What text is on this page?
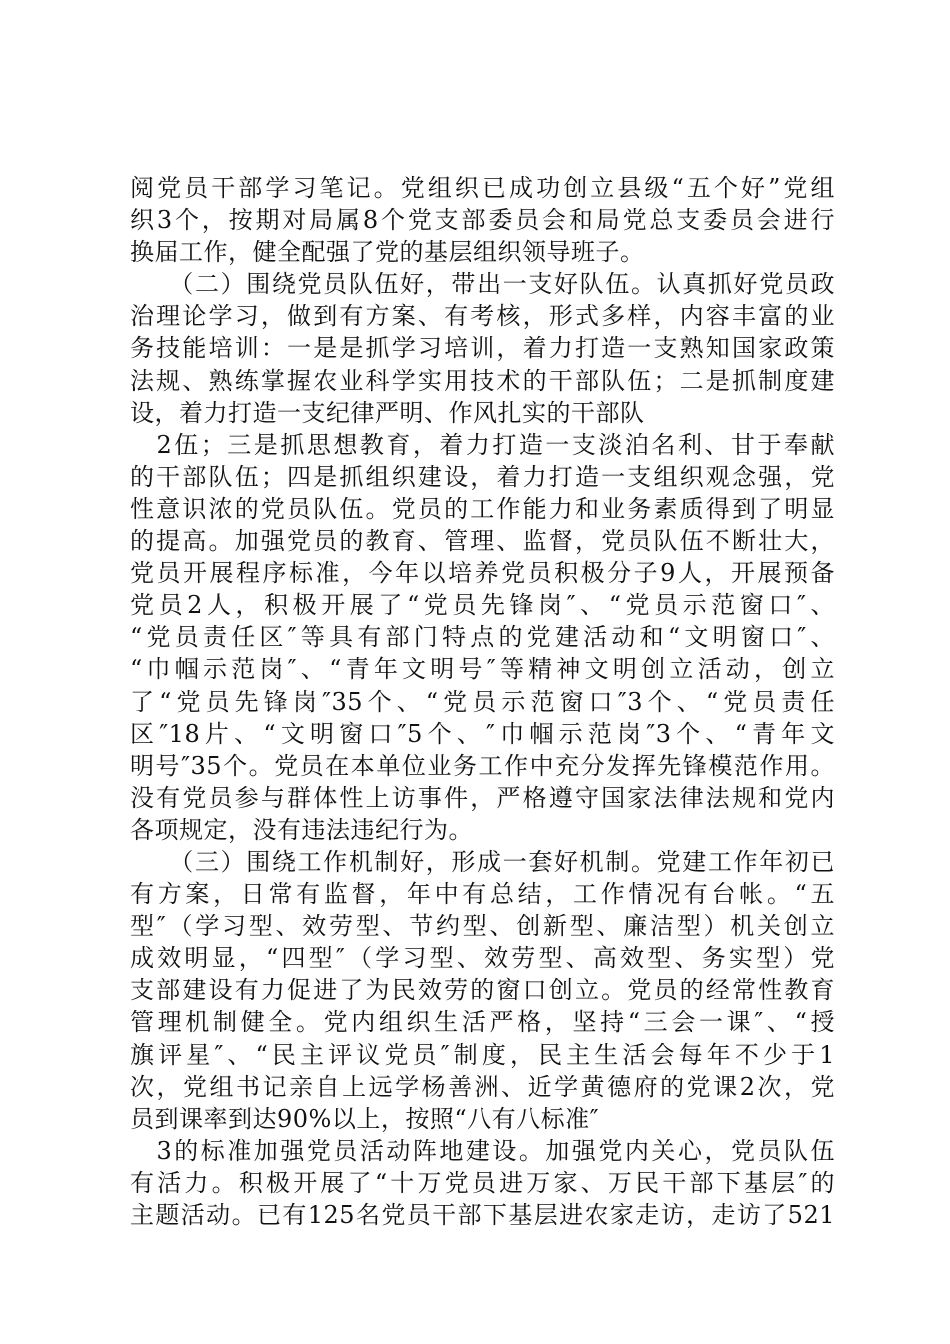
阅党员干部学习笔记。党组织已成功创立县级“五个好”党组
织3个，按期对局属8个党支部委员会和局党总支委员会进行
换届工作，健全配强了党的基层组织领导班子。
　　（二）围绕党员队伍好，带出一支好队伍。认真抓好党员政
治理论学习，做到有方案、有考核，形式多样，内容丰富的业
务技能培训：一是是抓学习培训，着力打造一支熟知国家政策
法规、熟练掌握农业科学实用技术的干部队伍；二是抓制度建
设，着力打造一支纪律严明、作风扎实的干部队
　2伍；三是抓思想教育，着力打造一支淡泊名利、甘于奉献
的干部队伍；四是抓组织建设，着力打造一支组织观念强，党
性意识浓的党员队伍。党员的工作能力和业务素质得到了明显
的提高。加强党员的教育、管理、监督，党员队伍不断壮大，
党员开展程序标准，今年以培养党员积极分子9人，开展预备
党员2人，积极开展了“党员先锋岗″、“党员示范窗口″、
“党员责任区″等具有部门特点的党建活动和“文明窗口″、
“巾帼示范岗″、“青年文明号″等精神文明创立活动，创立
了“党员先锋岗″35个、“党员示范窗口″3个、“党员责任
区″18片、“文明窗口″5个、″巾帼示范岗″3个、“青年文
明号″35个。党员在本单位业务工作中充分发挥先锋模范作用。
没有党员参与群体性上访事件，严格遵守国家法律法规和党内
各项规定，没有违法违纪行为。
　　（三）围绕工作机制好，形成一套好机制。党建工作年初已
有方案，日常有监督，年中有总结，工作情况有台帐。“五
型″（学习型、效劳型、节约型、创新型、廉洁型）机关创立
成效明显，“四型″（学习型、效劳型、高效型、务实型）党
支部建设有力促进了为民效劳的窗口创立。党员的经常性教育
管理机制健全。党内组织生活严格，坚持“三会一课″、“授
旗评星″、“民主评议党员″制度，民主生活会每年不少于1
次，党组书记亲自上远学杨善洲、近学黄德府的党课2次，党
员到课率到达90%以上，按照“八有八标准″
　3的标准加强党员活动阵地建设。加强党内关心，党员队伍
有活力。积极开展了“十万党员进万家、万民干部下基层″的
主题活动。已有125名党员干部下基层进农家走访，走访了521
